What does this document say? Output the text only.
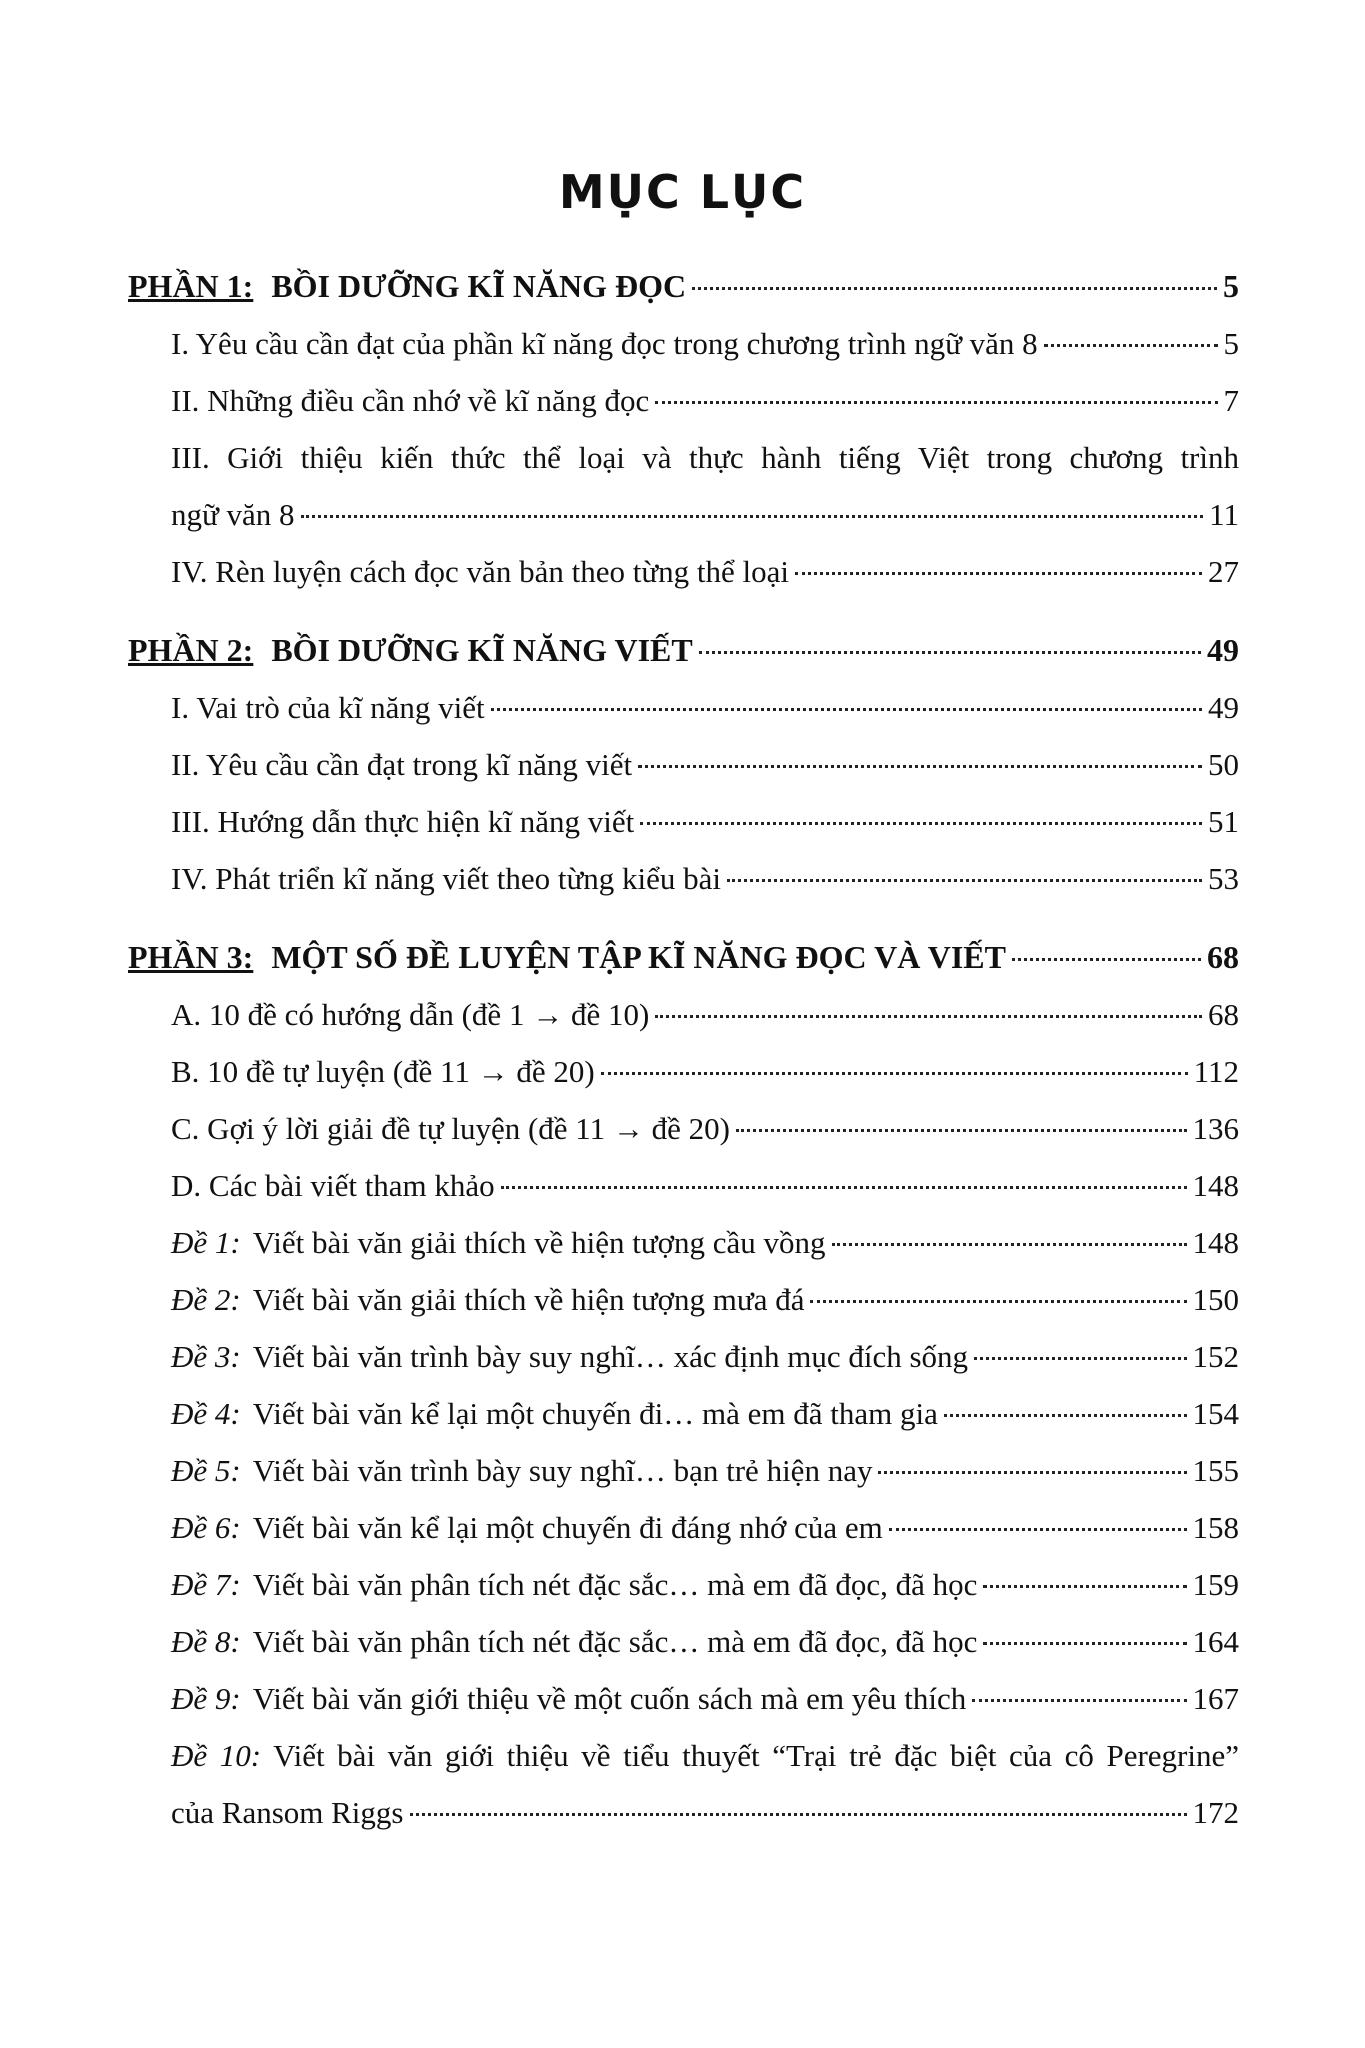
MỤC LỤC
PHẦN 1: BỒI DƯỠNG KĨ NĂNG ĐỌC	5
I. Yêu cầu cần đạt của phần kĩ năng đọc trong chương trình ngữ văn 8	5
II. Những điều cần nhớ về kĩ năng đọc	7
III. Giới thiệu kiến thức thể loại và thực hành tiếng Việt trong chương trình
ngữ văn 8	11
IV. Rèn luyện cách đọc văn bản theo từng thể loại	27
PHẦN 2: BỒI DƯỠNG KĨ NĂNG VIẾT	49
I. Vai trò của kĩ năng viết	49
II. Yêu cầu cần đạt trong kĩ năng viết	50
III. Hướng dẫn thực hiện kĩ năng viết	51
IV. Phát triển kĩ năng viết theo từng kiểu bài	53
PHẦN 3: MỘT SỐ ĐỀ LUYỆN TẬP KĨ NĂNG ĐỌC VÀ VIẾT	68
A. 10 đề có hướng dẫn (đề 1 → đề 10)	68
B. 10 đề tự luyện (đề 11 → đề 20)	112
C. Gợi ý lời giải đề tự luyện (đề 11 → đề 20)	136
D. Các bài viết tham khảo	148
Đề 1: Viết bài văn giải thích về hiện tượng cầu vồng	148
Đề 2: Viết bài văn giải thích về hiện tượng mưa đá	150
Đề 3: Viết bài văn trình bày suy nghĩ… xác định mục đích sống	152
Đề 4: Viết bài văn kể lại một chuyến đi… mà em đã tham gia	154
Đề 5: Viết bài văn trình bày suy nghĩ… bạn trẻ hiện nay	155
Đề 6: Viết bài văn kể lại một chuyến đi đáng nhớ của em	158
Đề 7: Viết bài văn phân tích nét đặc sắc… mà em đã đọc, đã học	159
Đề 8: Viết bài văn phân tích nét đặc sắc… mà em đã đọc, đã học	164
Đề 9: Viết bài văn giới thiệu về một cuốn sách mà em yêu thích	167
Đề 10: Viết bài văn giới thiệu về tiểu thuyết “Trại trẻ đặc biệt của cô Peregrine”
của Ransom Riggs	172
